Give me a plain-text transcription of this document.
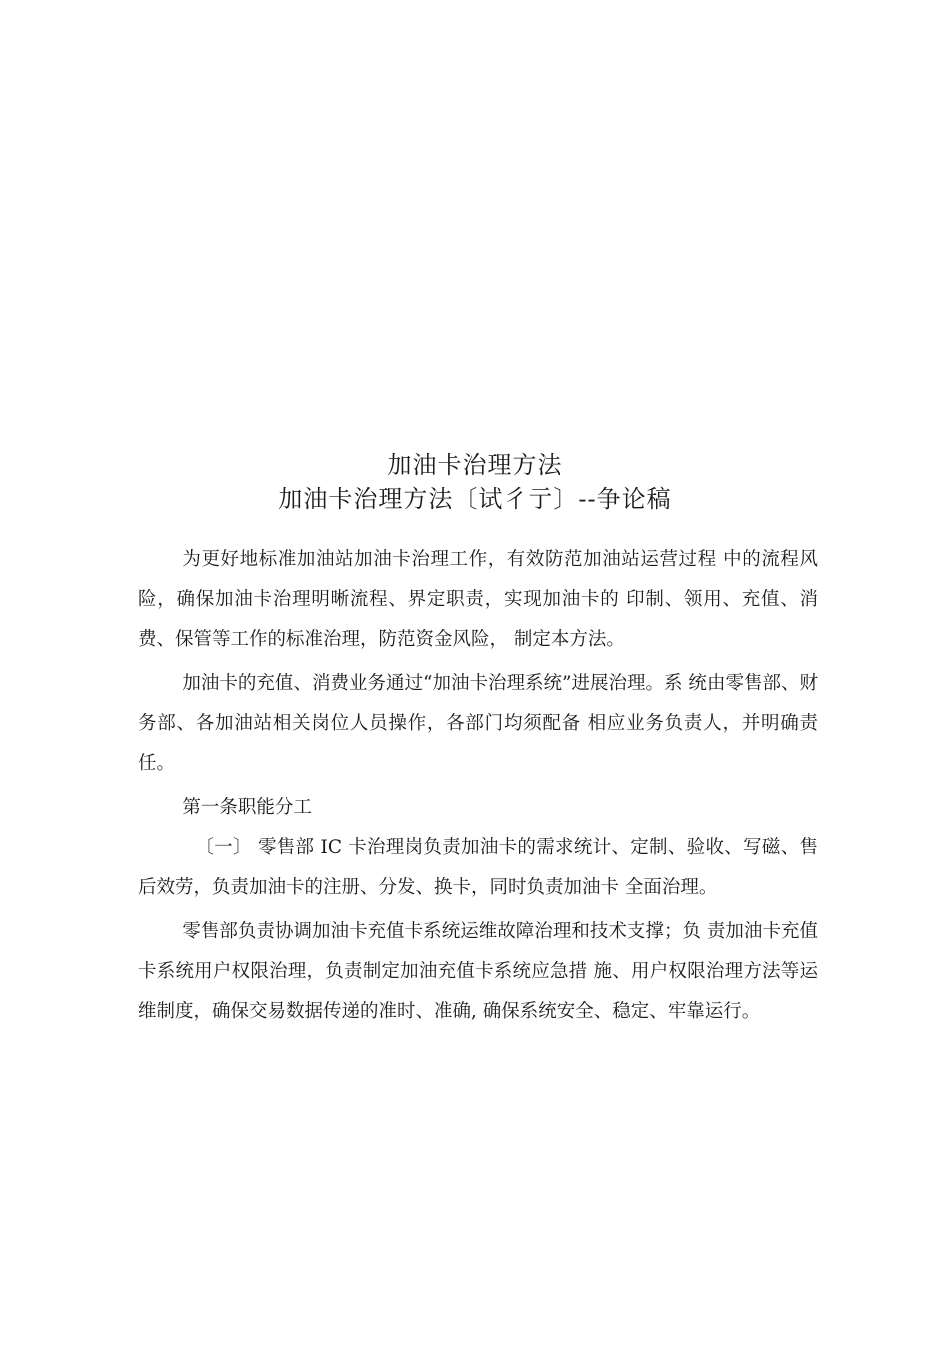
加油卡治理方法
加油卡治理方法〔试彳亍〕--争论稿

为更好地标准加油站加油卡治理工作，有效防范加油站运营过程 中的流程风险，确保加油卡治理明晰流程、界定职责，实现加油卡的 印制、领用、充值、消费、保管等工作的标准治理，防范资金风险， 制定本方法。

加油卡的充值、消费业务通过“加油卡治理系统”进展治理。系 统由零售部、财务部、各加油站相关岗位人员操作，各部门均须配备 相应业务负责人，并明确责任。

第一条职能分工

〔一〕 零售部 IC 卡治理岗负责加油卡的需求统计、定制、验收、写磁、售后效劳，负责加油卡的注册、分发、换卡，同时负责加油卡 全面治理。

零售部负责协调加油卡充值卡系统运维故障治理和技术支撑；负 责加油卡充值卡系统用户权限治理，负责制定加油充值卡系统应急措 施、用户权限治理方法等运维制度，确保交易数据传递的准时、准确, 确保系统安全、稳定、牢靠运行。
